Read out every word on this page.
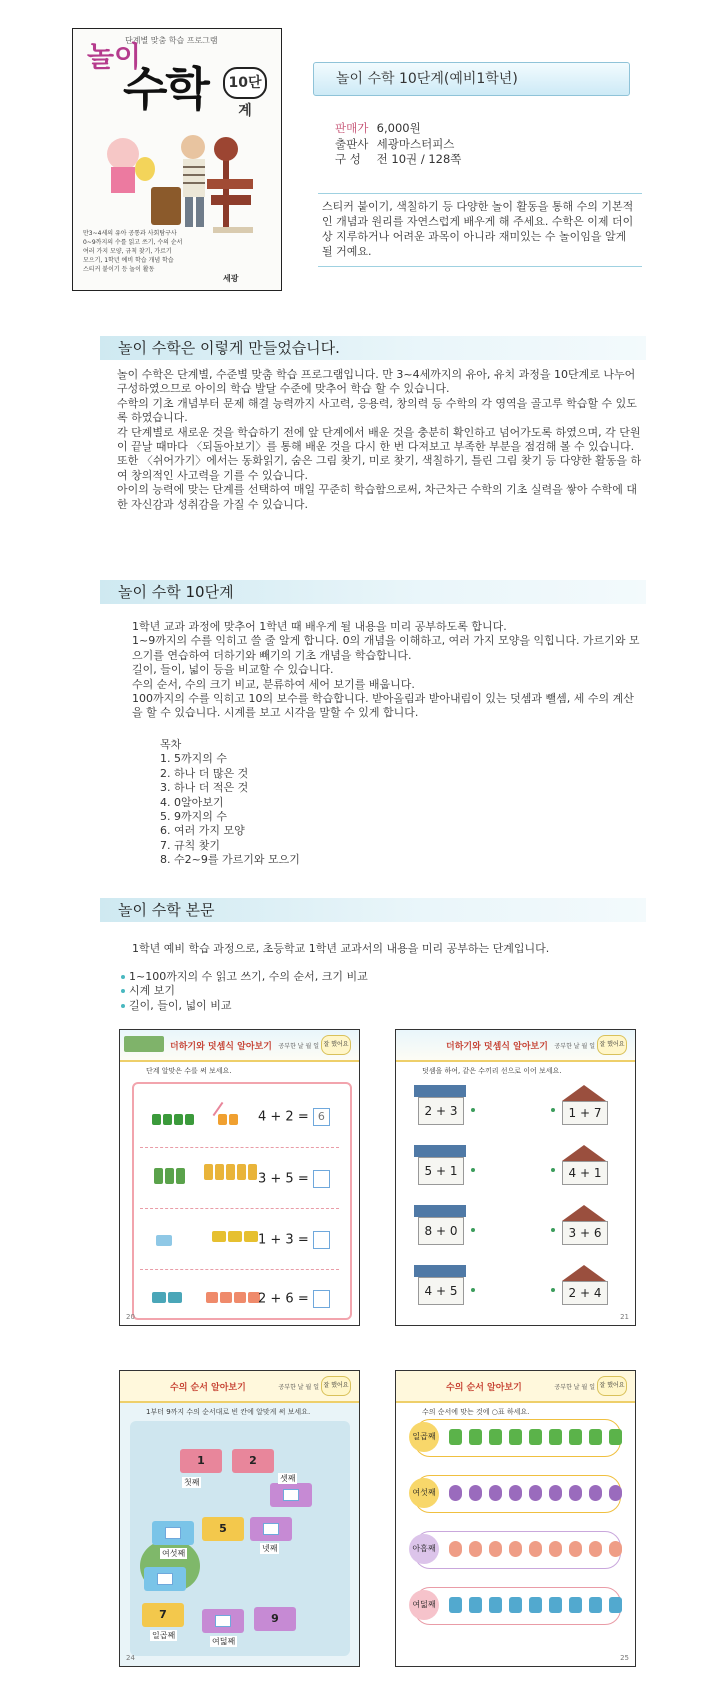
단계별 맞춤 학습 프로그램
놀이
수학	10단계
만3~4세의 유아 공통과 사회탐구사
0~9까지의 수를 읽고 쓰기, 수의 순서
여러 가지 모양, 규칙 찾기, 가르기
모으기, 1학년 예비 학습 개념 학습
스티커 붙이기 등 놀이 활동
세광
놀이 수학 10단계(예비1학년)
판매가 6,000원
출판사 세광마스터피스
구 성 전 10권 / 128쪽
스티커 붙이기, 색칠하기 등 다양한 놀이 활동을 통해 수의 기본적인 개념과 원리를 자연스럽게 배우게 해 주세요. 수학은 이제 더이상 지루하거나 어려운 과목이 아니라 재미있는 수 놀이임을 알게 될 거예요.
놀이 수학은 이렇게 만들었습니다.
놀이 수학은 단계별, 수준별 맞춤 학습 프로그램입니다. 만 3~4세까지의 유아, 유치 과정을 10단계로 나누어 구성하였으므로 아이의 학습 발달 수준에 맞추어 학습 할 수 있습니다.
수학의 기초 개념부터 문제 해결 능력까지 사고력, 응용력, 창의력 등 수학의 각 영역을 골고루 학습할 수 있도록 하였습니다.
각 단계별로 새로운 것을 학습하기 전에 앞 단계에서 배운 것을 충분히 확인하고 넘어가도록 하였으며, 각 단원이 끝날 때마다 〈되돌아보기〉를 통해 배운 것을 다시 한 번 다져보고 부족한 부분을 점검해 볼 수 있습니다.
또한 〈쉬어가기〉에서는 동화읽기, 숨은 그림 찾기, 미로 찾기, 색칠하기, 틀린 그림 찾기 등 다양한 활동을 하여 창의적인 사고력을 기를 수 있습니다.
아이의 능력에 맞는 단계를 선택하여 매일 꾸준히 학습함으로써, 차근차근 수학의 기초 실력을 쌓아 수학에 대한 자신감과 성취감을 가질 수 있습니다.
놀이 수학 10단계
1학년 교과 과정에 맞추어 1학년 때 배우게 될 내용을 미리 공부하도록 합니다.
1~9까지의 수를 익히고 쓸 줄 알게 합니다. 0의 개념을 이해하고, 여러 가지 모양을 익힙니다. 가르기와 모으기를 연습하여 더하기와 빼기의 기초 개념을 학습합니다.
길이, 들이, 넓이 등을 비교할 수 있습니다.
수의 순서, 수의 크기 비교, 분류하여 세어 보기를 배웁니다.
100까지의 수를 익히고 10의 보수를 학습합니다. 받아올림과 받아내림이 있는 덧셈과 뺄셈, 세 수의 계산을 할 수 있습니다. 시계를 보고 시각을 말할 수 있게 합니다.
목차
1. 5까지의 수
2. 하나 더 많은 것
3. 하나 더 적은 것
4. 0알아보기
5. 9까지의 수
6. 여러 가지 모양
7. 규칙 찾기
8. 수2~9를 가르기와 모으기
놀이 수학 본문
1학년 예비 학습 과정으로, 초등학교 1학년 교과서의 내용을 미리 공부하는 단계입니다.
1~100까지의 수 읽고 쓰기, 수의 순서, 크기 비교
시계 보기
길이, 들이, 넓이 비교
더하기와 덧셈식 알아보기 공부한 날 월 일 잘 했어요
단계 알맞은 수를 써 보세요.
4 + 2 = 6
3 + 5 =
1 + 3 =
2 + 6 =
20
더하기와 덧셈식 알아보기 공부한 날 월 일 잘 했어요
덧셈을 하여, 같은 수끼리 선으로 이어 보세요.
2 + 3
5 + 1
8 + 0
4 + 5
1 + 7
4 + 1
3 + 6
2 + 4
21
수의 순서 알아보기	공부한 날 월 일 잘 했어요
1부터 9까지 수의 순서대로 빈 칸에 알맞게 써 보세요.
1	2
5
7	9
첫째	셋째
넷째
여섯째
일곱째
여덟째
24
수의 순서 알아보기	공부한 날 월 일 잘 했어요
수의 순서에 맞는 것에 ○표 하세요.
일곱째
여섯째
아홉째
여덟째
25
